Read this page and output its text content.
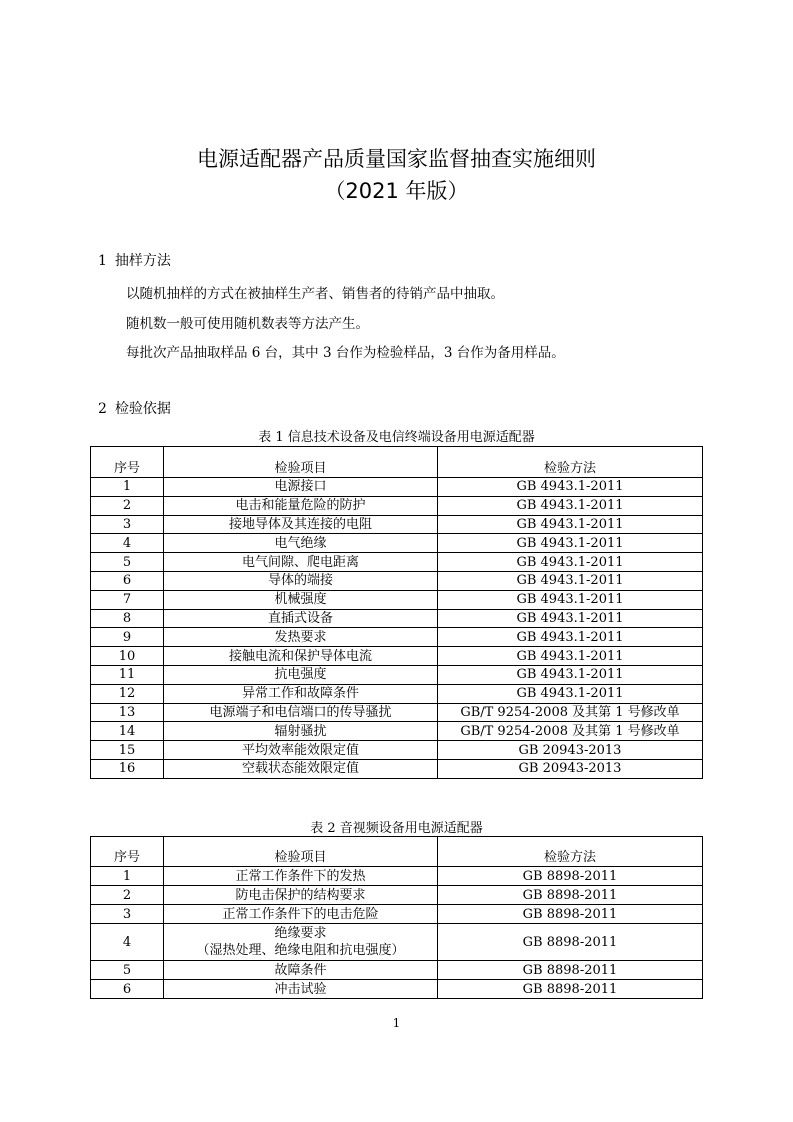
电源适配器产品质量国家监督抽查实施细则
（2021 年版）
1 抽样方法
以随机抽样的方式在被抽样生产者、销售者的待销产品中抽取。
随机数一般可使用随机数表等方法产生。
每批次产品抽取样品 6 台，其中 3 台作为检验样品，3 台作为备用样品。
2 检验依据
表 1 信息技术设备及电信终端设备用电源适配器
序号	检验项目	检验方法
1	电源接口	GB 4943.1-2011
2	电击和能量危险的防护	GB 4943.1-2011
3	接地导体及其连接的电阻	GB 4943.1-2011
4	电气绝缘	GB 4943.1-2011
5	电气间隙、爬电距离	GB 4943.1-2011
6	导体的端接	GB 4943.1-2011
7	机械强度	GB 4943.1-2011
8	直插式设备	GB 4943.1-2011
9	发热要求	GB 4943.1-2011
10	接触电流和保护导体电流	GB 4943.1-2011
11	抗电强度	GB 4943.1-2011
12	异常工作和故障条件	GB 4943.1-2011
13	电源端子和电信端口的传导骚扰	GB/T 9254-2008 及其第 1 号修改单
14	辐射骚扰	GB/T 9254-2008 及其第 1 号修改单
15	平均效率能效限定值	GB 20943-2013
16	空载状态能效限定值	GB 20943-2013
表 2 音视频设备用电源适配器
序号	检验项目	检验方法
1	正常工作条件下的发热	GB 8898-2011
2	防电击保护的结构要求	GB 8898-2011
3	正常工作条件下的电击危险	GB 8898-2011
4	绝缘要求
（湿热处理、绝缘电阻和抗电强度）	GB 8898-2011
5	故障条件	GB 8898-2011
6	冲击试验	GB 8898-2011
1
